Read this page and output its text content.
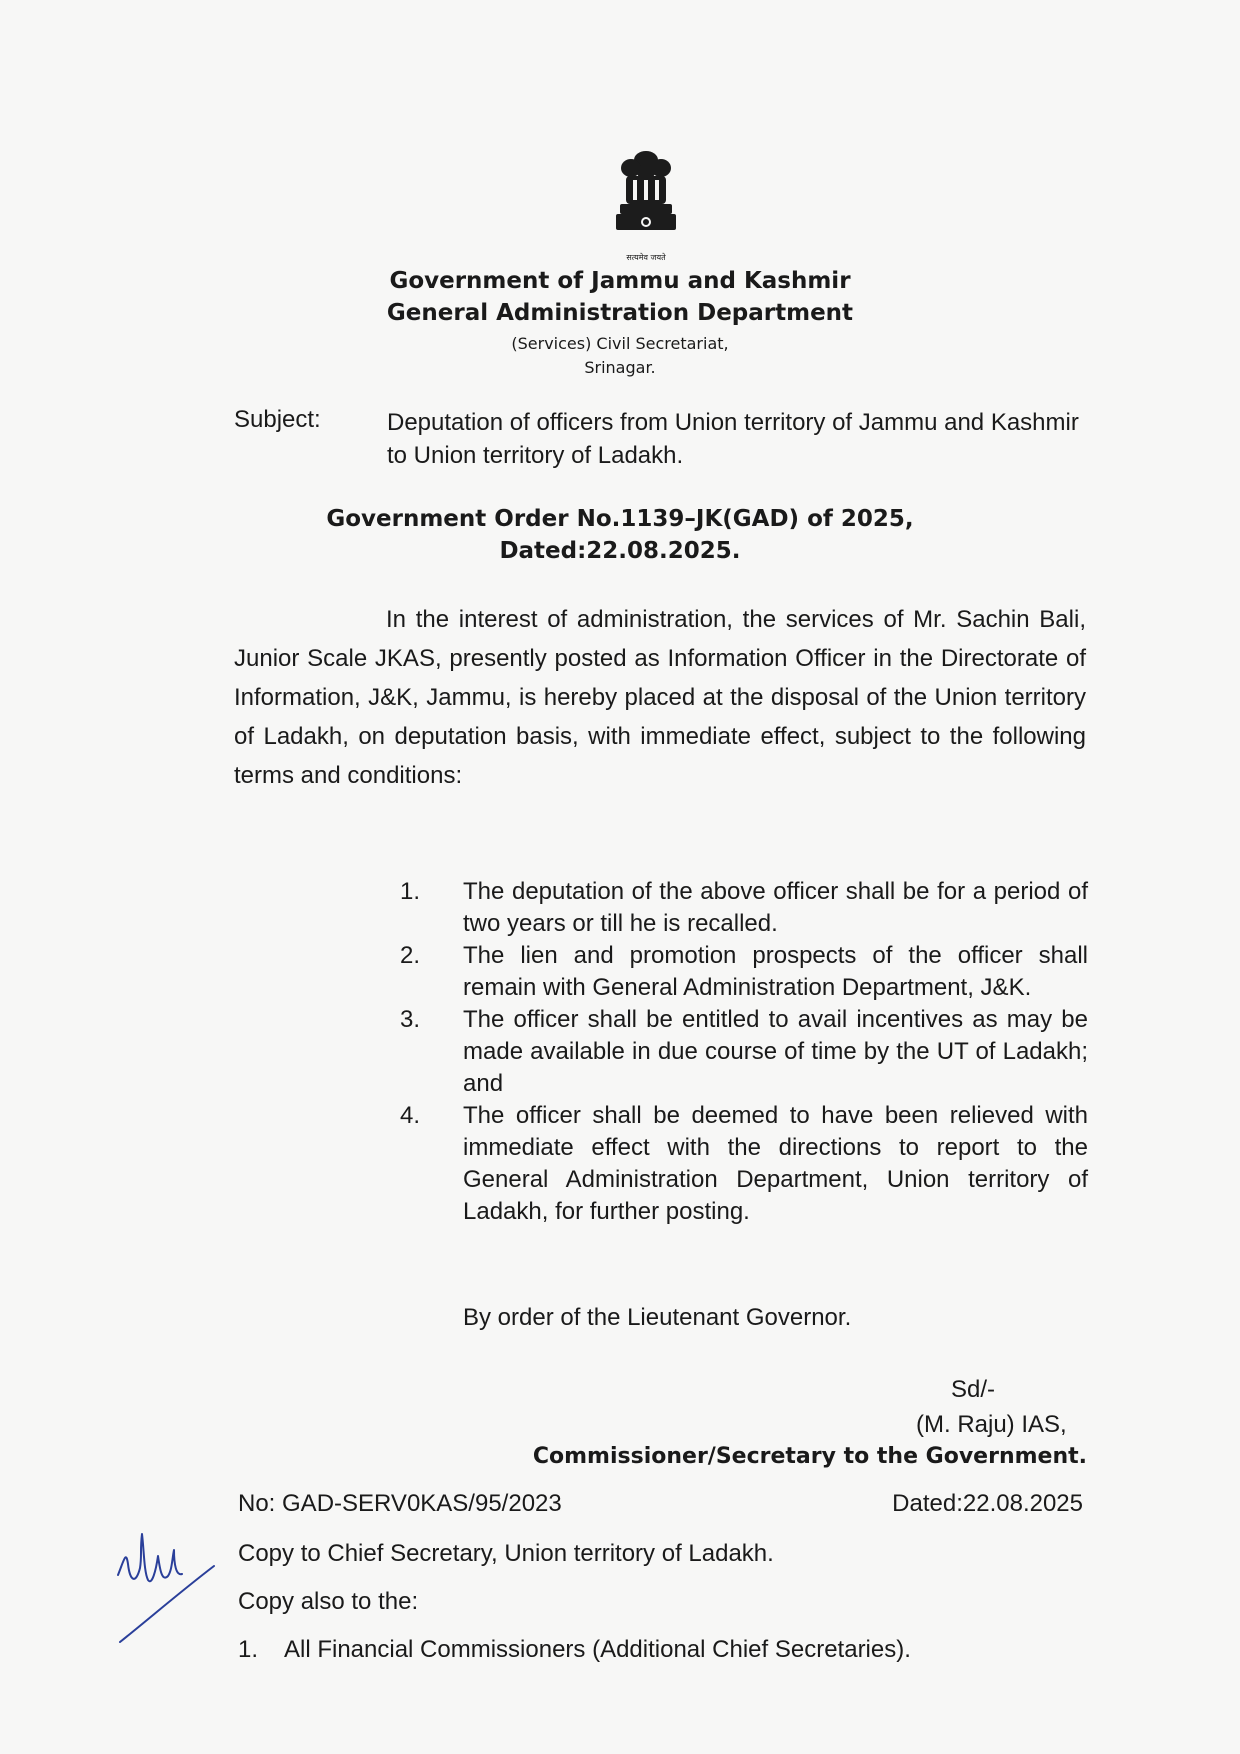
सत्यमेव जयते
Government of Jammu and Kashmir
General Administration Department
(Services) Civil Secretariat,
Srinagar.
Subject:	Deputation of officers from Union territory of Jammu and Kashmir to Union territory of Ladakh.
Government Order No.1139–JK(GAD) of 2025,
Dated:22.08.2025.
In the interest of administration, the services of Mr. Sachin Bali, Junior Scale JKAS, presently posted as Information Officer in the Directorate of Information, J&K, Jammu, is hereby placed at the disposal of the Union territory of Ladakh, on deputation basis, with immediate effect, subject to the following terms and conditions:
1.	The deputation of the above officer shall be for a period of two years or till he is recalled.
2.	The lien and promotion prospects of the officer shall remain with General Administration Department, J&K.
3.	The officer shall be entitled to avail incentives as may be made available in due course of time by the UT of Ladakh; and
4.	The officer shall be deemed to have been relieved with immediate effect with the directions to report to the General Administration Department, Union territory of Ladakh, for further posting.
By order of the Lieutenant Governor.
Sd/-
(M. Raju) IAS,
Commissioner/Secretary to the Government.
No: GAD-SERV0KAS/95/2023	Dated:22.08.2025
Copy to Chief Secretary, Union territory of Ladakh.
Copy also to the:
1.	All Financial Commissioners (Additional Chief Secretaries).
